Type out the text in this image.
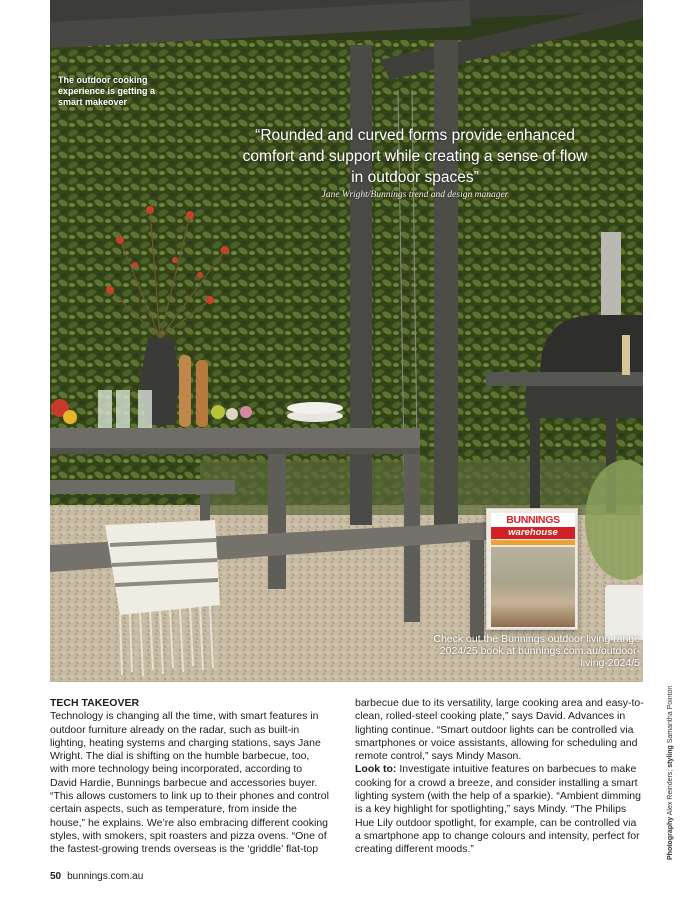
The outdoor cooking experience is getting a smart makeover
“Rounded and curved forms provide enhanced comfort and support while creating a sense of flow in outdoor spaces”
Jane Wright/Bunnings trend and design manager
BUNNINGS
warehouse
Check out the Bunnings outdoor living range 2024/25 book at bunnings.com.au/outdoor-living-2024/5
TECH TAKEOVER
Technology is changing all the time, with smart features in outdoor furniture already on the radar, such as built-in lighting, heating systems and charging stations, says Jane Wright. The dial is shifting on the humble barbecue, too, with more technology being incorporated, according to David Hardie, Bunnings barbecue and accessories buyer. “This allows customers to link up to their phones and control certain aspects, such as temperature, from inside the house,” he explains. We’re also embracing different cooking styles, with smokers, spit roasters and pizza ovens. “One of the fastest-growing trends overseas is the ‘griddle’ flat-top
barbecue due to its versatility, large cooking area and easy-to-clean, rolled-steel cooking plate,” says David. Advances in lighting continue. “Smart outdoor lights can be controlled via smartphones or voice assistants, allowing for scheduling and remote control,” says Mindy Mason.
Look to: Investigate intuitive features on barbecues to make cooking for a crowd a breeze, and consider installing a smart lighting system (with the help of a sparkie). “Ambient dimming is a key highlight for spotlighting,” says Mindy. “The Philips Hue Lily outdoor spotlight, for example, can be controlled via a smartphone app to change colours and intensity, perfect for creating different moods.”	Photography Alex Reinders; styling Samantha Pointon
50 bunnings.com.au
